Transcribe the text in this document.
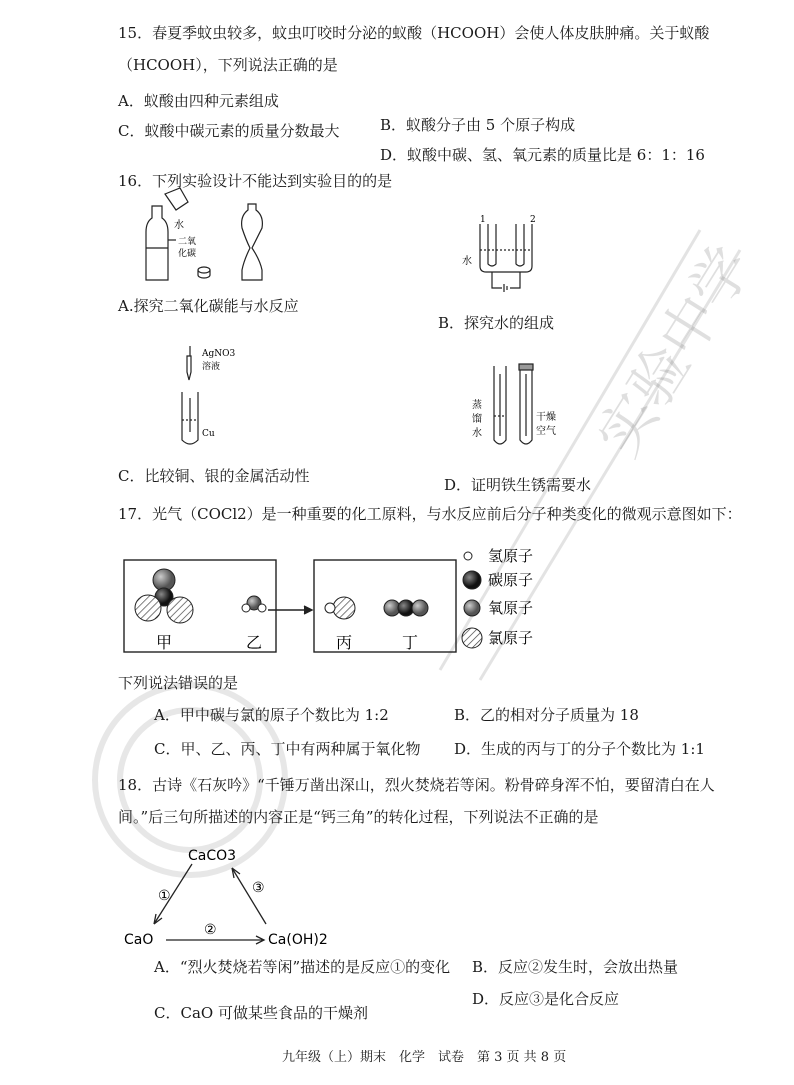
实验中学
15．春夏季蚊虫较多，蚊虫叮咬时分泌的蚁酸（HCOOH）会使人体皮肤肿痛。关于蚁酸
（HCOOH），下列说法正确的是
A．蚁酸由四种元素组成
B．蚁酸分子由 5 个原子构成
C．蚁酸中碳元素的质量分数最大
D．蚁酸中碳、氢、氧元素的质量比是 6：1：16
16．下列实验设计不能达到实验目的的是
水
二氧
化碳
A.探究二氧化碳能与水反应
1	2
水
B．探究水的组成
AgNO3
溶液
Cu
C．比较铜、银的金属活动性
蒸
馏
水
干燥
空气
D．证明铁生锈需要水
17．光气（COCl2）是一种重要的化工原料，与水反应前后分子种类变化的微观示意图如下：
甲	乙	丙	丁
氢原子
碳原子
氧原子
氯原子
下列说法错误的是
A．甲中碳与氯的原子个数比为 1:2	B．乙的相对分子质量为 18
C．甲、乙、丙、丁中有两种属于氧化物 D．生成的丙与丁的分子个数比为 1:1
18．古诗《石灰吟》“千锤万凿出深山，烈火焚烧若等闲。粉骨碎身浑不怕，要留清白在人
间。”后三句所描述的内容正是“钙三角”的转化过程，下列说法不正确的是
CaCO3
CaO	Ca(OH)2
①
②
③
A．“烈火焚烧若等闲”描述的是反应①的变化 B．反应②发生时，会放出热量
D．反应③是化合反应
C．CaO 可做某些食品的干燥剂
九年级（上）期末　化学　试卷　第 3 页 共 8 页
